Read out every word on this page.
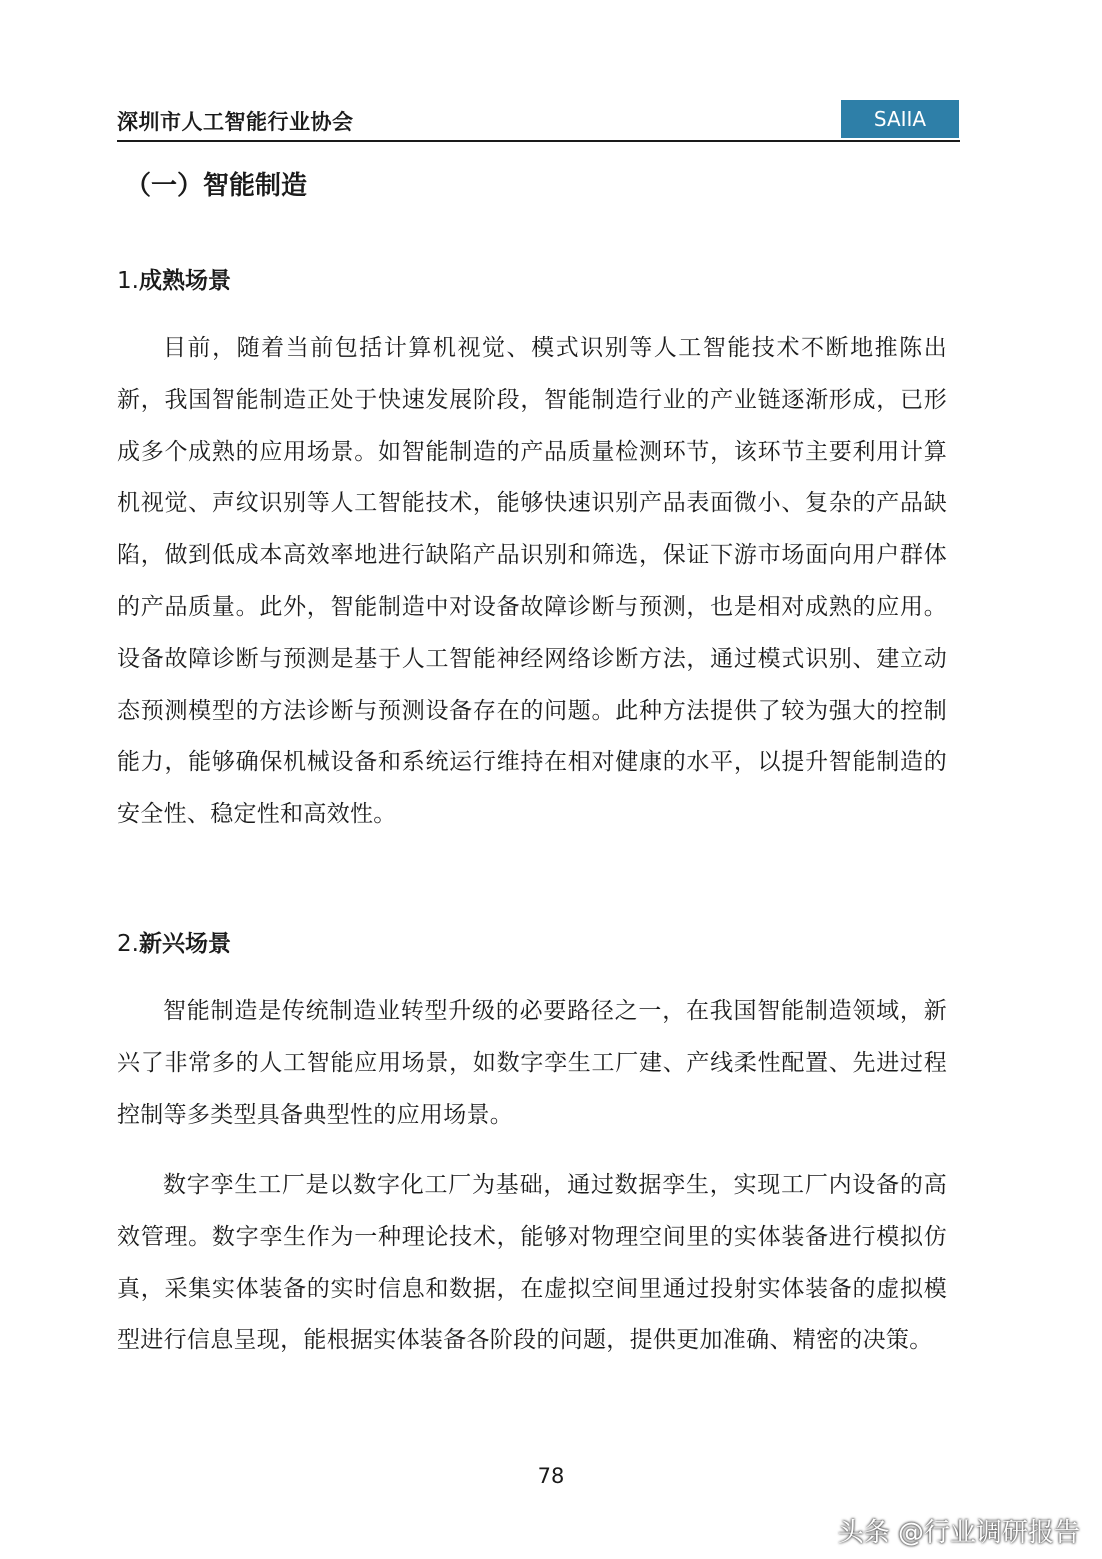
深圳市人工智能行业协会	SAIIA
（一）智能制造
1.成熟场景

目前，随着当前包括计算机视觉、模式识别等人工智能技术不断地推陈出新，我国智能制造正处于快速发展阶段，智能制造行业的产业链逐渐形成，已形成多个成熟的应用场景。如智能制造的产品质量检测环节，该环节主要利用计算机视觉、声纹识别等人工智能技术，能够快速识别产品表面微小、复杂的产品缺陷，做到低成本高效率地进行缺陷产品识别和筛选，保证下游市场面向用户群体的产品质量。此外，智能制造中对设备故障诊断与预测，也是相对成熟的应用。设备故障诊断与预测是基于人工智能神经网络诊断方法，通过模式识别、建立动态预测模型的方法诊断与预测设备存在的问题。此种方法提供了较为强大的控制能力，能够确保机械设备和系统运行维持在相对健康的水平，以提升智能制造的安全性、稳定性和高效性。

2.新兴场景

智能制造是传统制造业转型升级的必要路径之一，在我国智能制造领域，新兴了非常多的人工智能应用场景，如数字孪生工厂建、产线柔性配置、先进过程控制等多类型具备典型性的应用场景。

数字孪生工厂是以数字化工厂为基础，通过数据孪生，实现工厂内设备的高效管理。数字孪生作为一种理论技术，能够对物理空间里的实体装备进行模拟仿真，采集实体装备的实时信息和数据，在虚拟空间里通过投射实体装备的虚拟模型进行信息呈现，能根据实体装备各阶段的问题，提供更加准确、精密的决策。

78
头条 @行业调研报告
